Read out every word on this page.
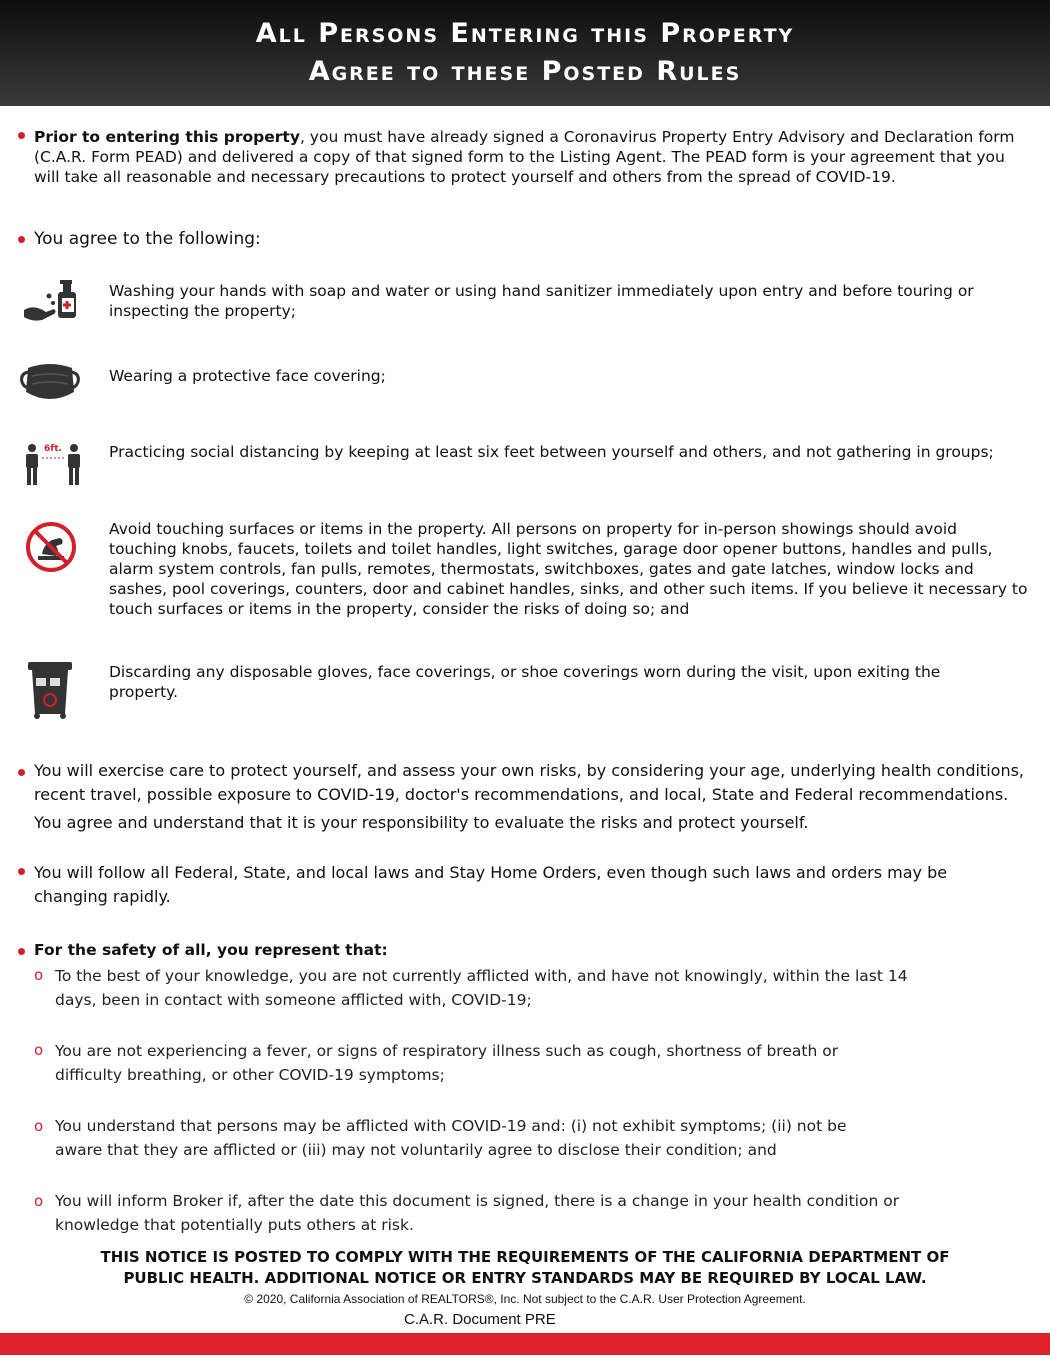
All Persons Entering this Property
Agree to these Posted Rules
Prior to entering this property, you must have already signed a Coronavirus Property Entry Advisory and Declaration form (C.A.R. Form PEAD) and delivered a copy of that signed form to the Listing Agent. The PEAD form is your agreement that you will take all reasonable and necessary precautions to protect yourself and others from the spread of COVID-19.
You agree to the following:
Washing your hands with soap and water or using hand sanitizer immediately upon entry and before touring or inspecting the property;
Wearing a protective face covering;
6ft.	Practicing social distancing by keeping at least six feet between yourself and others, and not gathering in groups;
Avoid touching surfaces or items in the property. All persons on property for in-person showings should avoid touching knobs, faucets, toilets and toilet handles, light switches, garage door opener buttons, handles and pulls, alarm system controls, fan pulls, remotes, thermostats, switchboxes, gates and gate latches, window locks and sashes, pool coverings, counters, door and cabinet handles, sinks, and other such items. If you believe it necessary to touch surfaces or items in the property, consider the risks of doing so; and
Discarding any disposable gloves, face coverings, or shoe coverings worn during the visit, upon exiting the property.
You will exercise care to protect yourself, and assess your own risks, by considering your age, underlying health conditions,
recent travel, possible exposure to COVID-19, doctor's recommendations, and local, State and Federal recommendations.
You agree and understand that it is your responsibility to evaluate the risks and protect yourself.
You will follow all Federal, State, and local laws and Stay Home Orders, even though such laws and orders may be
changing rapidly.
For the safety of all, you represent that:
o To the best of your knowledge, you are not currently afflicted with, and have not knowingly, within the last 14
days, been in contact with someone afflicted with, COVID-19;
o You are not experiencing a fever, or signs of respiratory illness such as cough, shortness of breath or
difficulty breathing, or other COVID-19 symptoms;
o You understand that persons may be afflicted with COVID-19 and: (i) not exhibit symptoms; (ii) not be
aware that they are afflicted or (iii) may not voluntarily agree to disclose their condition; and
o You will inform Broker if, after the date this document is signed, there is a change in your health condition or
knowledge that potentially puts others at risk.
THIS NOTICE IS POSTED TO COMPLY WITH THE REQUIREMENTS OF THE CALIFORNIA DEPARTMENT OF
PUBLIC HEALTH. ADDITIONAL NOTICE OR ENTRY STANDARDS MAY BE REQUIRED BY LOCAL LAW.
© 2020, California Association of REALTORS®, Inc. Not subject to the C.A.R. User Protection Agreement.
C.A.R. Document PRE
